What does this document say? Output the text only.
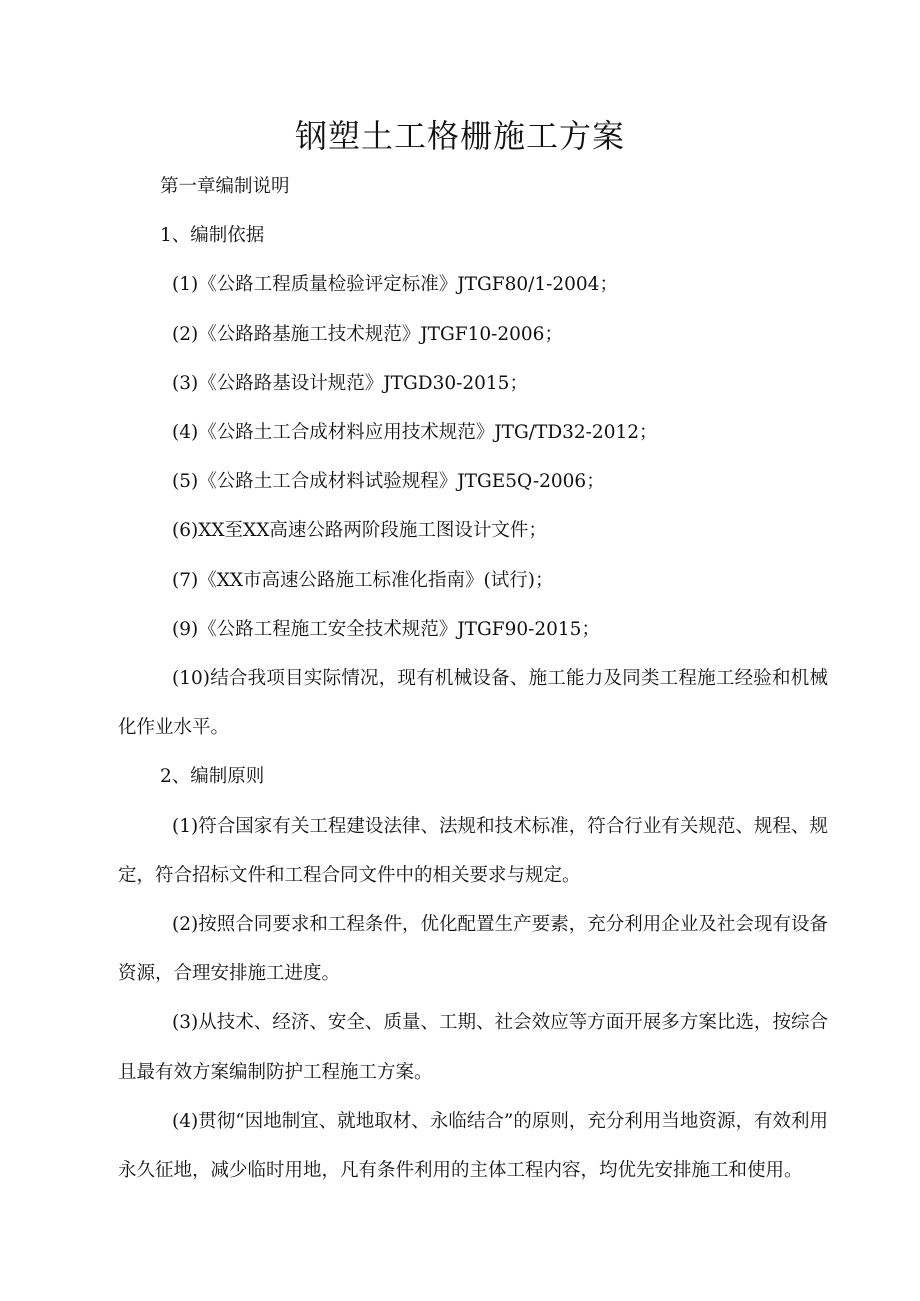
钢塑土工格栅施工方案

第一章编制说明

1、编制依据

(1)《公路工程质量检验评定标准》JTGF80/1-2004；

(2)《公路路基施工技术规范》JTGF10-2006；

(3)《公路路基设计规范》JTGD30-2015；

(4)《公路土工合成材料应用技术规范》JTG/TD32-2012；

(5)《公路土工合成材料试验规程》JTGE5Q-2006；

(6)XX至XX高速公路两阶段施工图设计文件；

(7)《XX市高速公路施工标准化指南》(试行)；

(9)《公路工程施工安全技术规范》JTGF90-2015；

(10)结合我项目实际情况，现有机械设备、施工能力及同类工程施工经验和机械化作业水平。

2、编制原则

(1)符合国家有关工程建设法律、法规和技术标准，符合行业有关规范、规程、规定，符合招标文件和工程合同文件中的相关要求与规定。

(2)按照合同要求和工程条件，优化配置生产要素，充分利用企业及社会现有设备资源，合理安排施工进度。

(3)从技术、经济、安全、质量、工期、社会效应等方面开展多方案比选，按综合且最有效方案编制防护工程施工方案。

(4)贯彻“因地制宜、就地取材、永临结合”的原则，充分利用当地资源，有效利用永久征地，减少临时用地，凡有条件利用的主体工程内容，均优先安排施工和使用。
